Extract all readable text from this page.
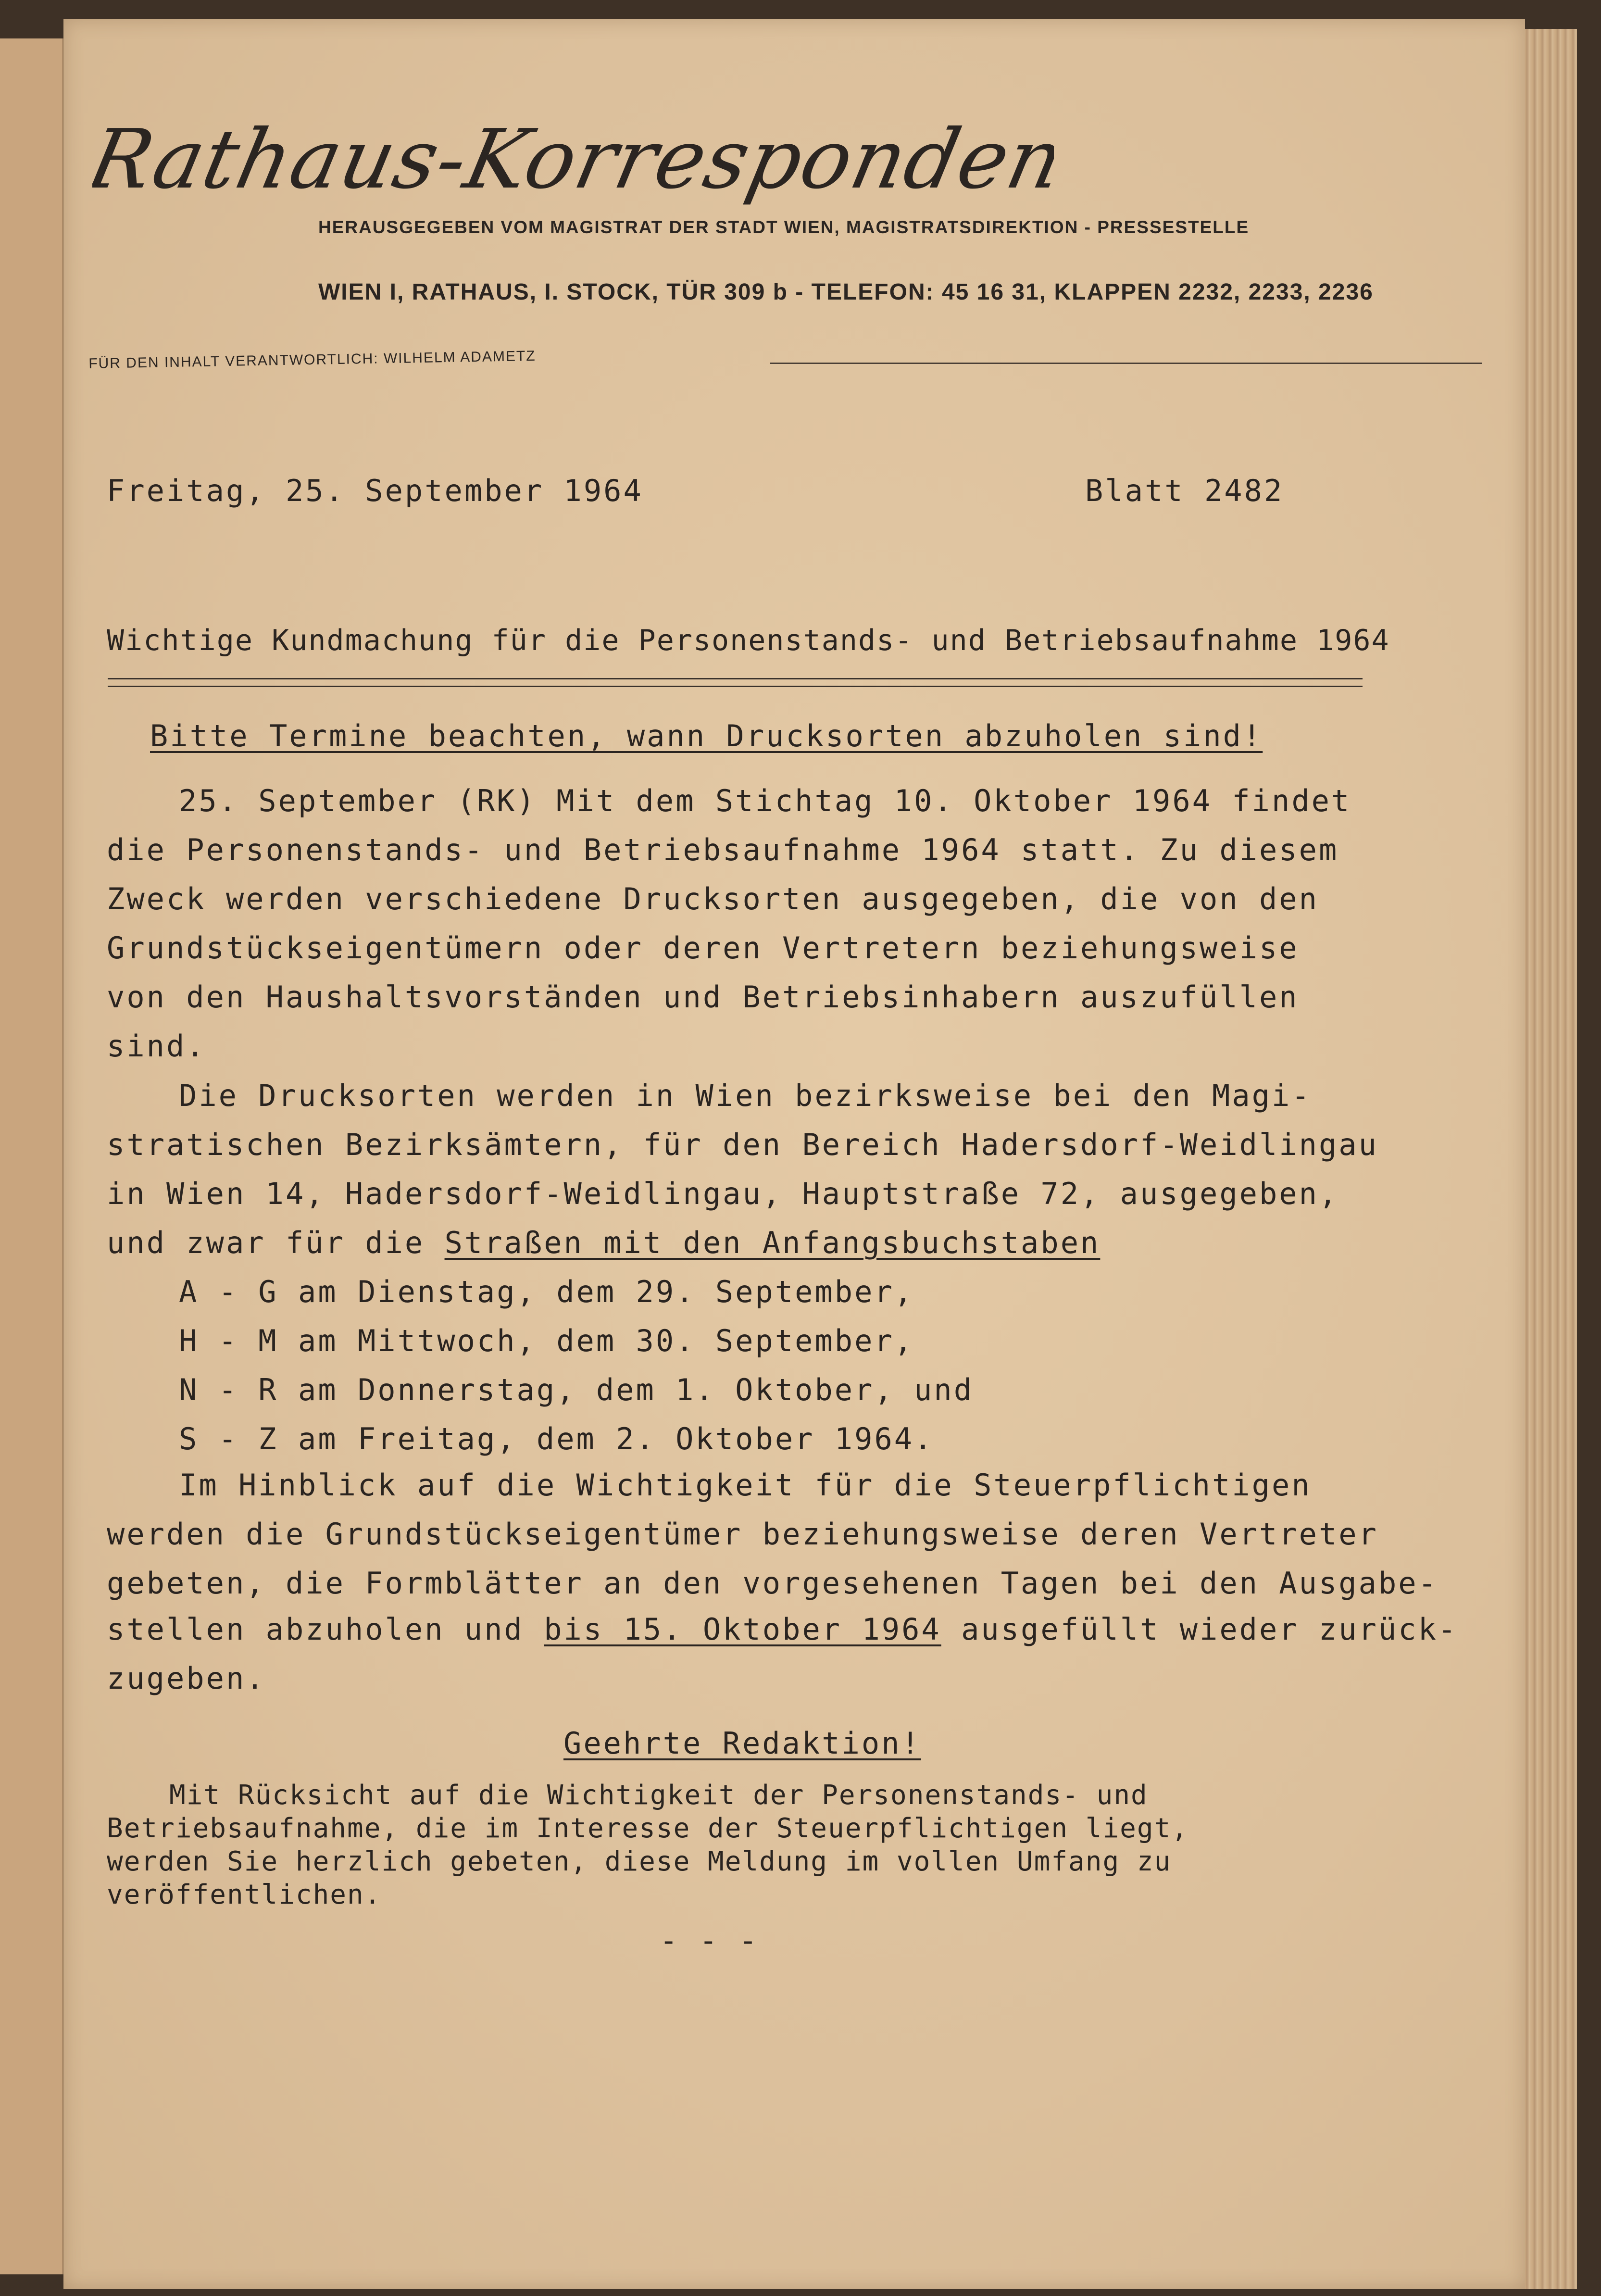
Rathaus-Korrespondenz
HERAUSGEGEBEN VOM MAGISTRAT DER STADT WIEN, MAGISTRATSDIREKTION - PRESSESTELLE
WIEN I, RATHAUS, I. STOCK, TÜR 309 b - TELEFON: 45 16 31, KLAPPEN 2232, 2233, 2236
FÜR DEN INHALT VERANTWORTLICH: WILHELM ADAMETZ
Freitag, 25. September 1964	Blatt 2482
Wichtige Kundmachung für die Personenstands- und Betriebsaufnahme 1964
Bitte Termine beachten, wann Drucksorten abzuholen sind!
25. September (RK) Mit dem Stichtag 10. Oktober 1964 findet
die Personenstands- und Betriebsaufnahme 1964 statt. Zu diesem
Zweck werden verschiedene Drucksorten ausgegeben, die von den
Grundstückseigentümern oder deren Vertretern beziehungsweise
von den Haushaltsvorständen und Betriebsinhabern auszufüllen
sind.
Die Drucksorten werden in Wien bezirksweise bei den Magi-
stratischen Bezirksämtern, für den Bereich Hadersdorf-Weidlingau
in Wien 14, Hadersdorf-Weidlingau, Hauptstraße 72, ausgegeben,
und zwar für die Straßen mit den Anfangsbuchstaben
A - G am Dienstag, dem 29. September,
H - M am Mittwoch, dem 30. September,
N - R am Donnerstag, dem 1. Oktober, und
S - Z am Freitag, dem 2. Oktober 1964.
Im Hinblick auf die Wichtigkeit für die Steuerpflichtigen
werden die Grundstückseigentümer beziehungsweise deren Vertreter
gebeten, die Formblätter an den vorgesehenen Tagen bei den Ausgabe-
stellen abzuholen und bis 15. Oktober 1964 ausgefüllt wieder zurück-
zugeben.
Geehrte Redaktion!
Mit Rücksicht auf die Wichtigkeit der Personenstands- und
Betriebsaufnahme, die im Interesse der Steuerpflichtigen liegt,
werden Sie herzlich gebeten, diese Meldung im vollen Umfang zu
veröffentlichen.
- - -
